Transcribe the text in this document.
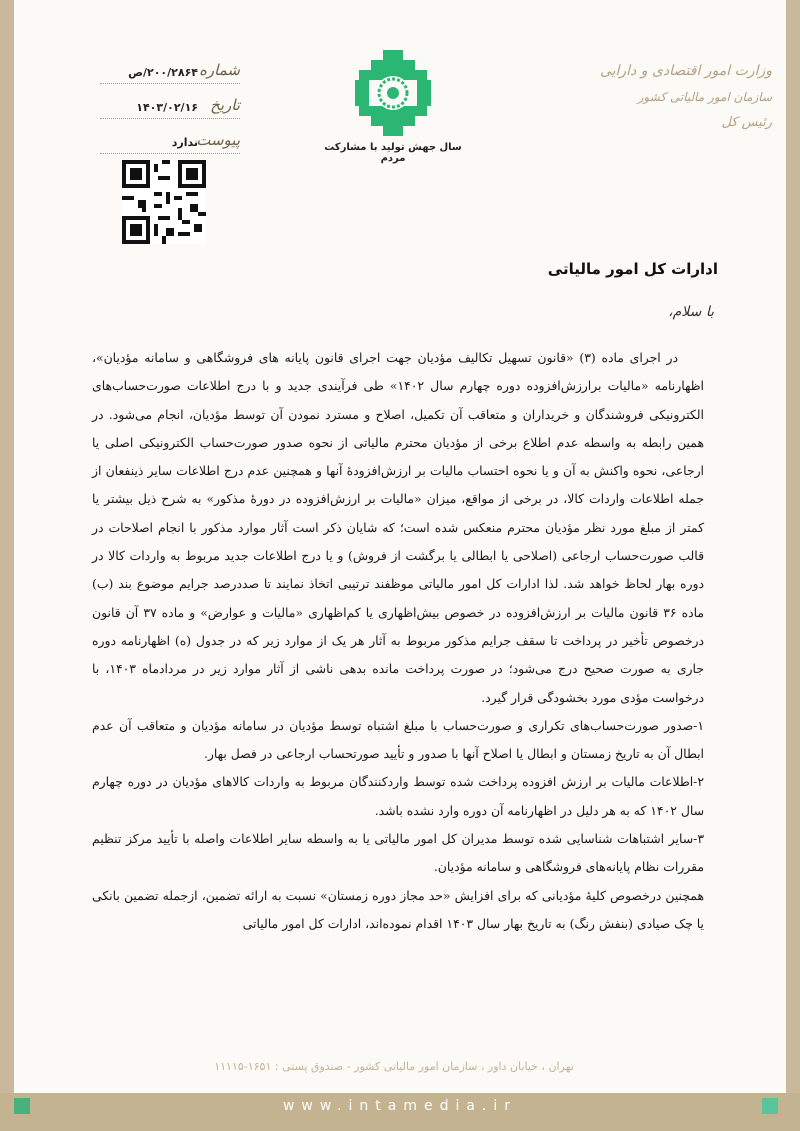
وزارت امور اقتصادی و دارایی
سازمان امور مالیاتی کشور
رئیس کل
سال جهش تولید با مشارکت مردم
شماره
۲۰۰/۲۸۶۴/ص
تاریخ
۱۴۰۳/۰۲/۱۶
پیوست
ندارد
ادارات کل امور مالیاتی
با سلام،

در اجرای ماده (۳) «قانون تسهیل تکالیف مؤدیان جهت اجرای قانون پایانه های فروشگاهی و سامانه مؤدیان»، اظهارنامه «مالیات برارزش‌افزوده دوره چهارم سال ۱۴۰۲» طی فرآیندی جدید و با درج اطلاعات صورت‌حساب‌های الکترونیکی فروشندگان و خریداران و متعاقب آن تکمیل، اصلاح و مسترد نمودن آن توسط مؤدیان، انجام می‌شود. در همین رابطه به واسطه عدم اطلاع برخی از مؤدیان محترم مالیاتی از نحوه صدور صورت‌حساب الکترونیکی اصلی یا ارجاعی، نحوه واکنش به آن و یا نحوه احتساب مالیات بر ارزش‌افزودهٔ آنها و همچنین عدم درج اطلاعات سایر ذینفعان از جمله اطلاعات واردات کالا، در برخی از مواقع، میزان «مالیات بر ارزش‌افزوده در دورهٔ مذکور» به شرح ذیل بیشتر یا کمتر از مبلغ مورد نظر مؤدیان محترم منعکس شده است؛ که شایان ذکر است آثار موارد مذکور با انجام اصلاحات در قالب صورت‌حساب ارجاعی (اصلاحی یا ابطالی یا برگشت از فروش) و یا درج اطلاعات جدید مربوط به واردات کالا در دوره بهار لحاظ خواهد شد. لذا ادارات کل امور مالیاتی موظفند ترتیبی اتخاذ نمایند تا صددرصد جرایم موضوع بند (ب) ماده ۳۶ قانون مالیات بر ارزش‌افزوده در خصوص بیش‌اظهاری یا کم‌اظهاری «مالیات و عوارض» و ماده ۳۷ آن قانون درخصوص تأخیر در پرداخت تا سقف جرایم مذکور مربوط به آثار هر یک از موارد زیر که در جدول (ه) اظهارنامه دوره جاری به صورت صحیح درج می‌شود؛ در صورت پرداخت مانده بدهی ناشی از آثار موارد زیر در مردادماه ۱۴۰۳، با درخواست مؤدی مورد بخشودگی قرار گیرد.

۱-صدور صورت‌حساب‌های تکراری و صورت‌حساب با مبلغ اشتباه توسط مؤدیان در سامانه مؤدیان و متعاقب آن عدم ابطال آن به تاریخ زمستان و ابطال یا اصلاح آنها با صدور و تأیید صورتحساب ارجاعی در فصل بهار.

۲-اطلاعات مالیات بر ارزش افزوده پرداخت شده توسط واردکنندگان مربوط به واردات کالاهای مؤدیان در دوره چهارم سال ۱۴۰۲ که به هر دلیل در اظهارنامه آن دوره وارد نشده باشد.

۳-سایر اشتباهات شناسایی شده توسط مدیران کل امور مالیاتی یا به واسطه سایر اطلاعات واصله با تأیید مرکز تنظیم مقررات نظام پایانه‌های فروشگاهی و سامانه مؤدیان.

همچنین درخصوص کلیهٔ مؤدیانی که برای افزایش «حد مجاز دوره زمستان» نسبت به ارائه تضمین، ازجمله تضمین بانکی یا چک صیادی (بنفش رنگ) به تاریخ بهار سال ۱۴۰۳ اقدام نموده‌اند، ادارات کل امور مالیاتی

تهران ، خیابان داور ، سازمان امور مالیاتی کشور - صندوق پستی : ۱۶۵۱-۱۱۱۱۵
www.intamedia.ir
